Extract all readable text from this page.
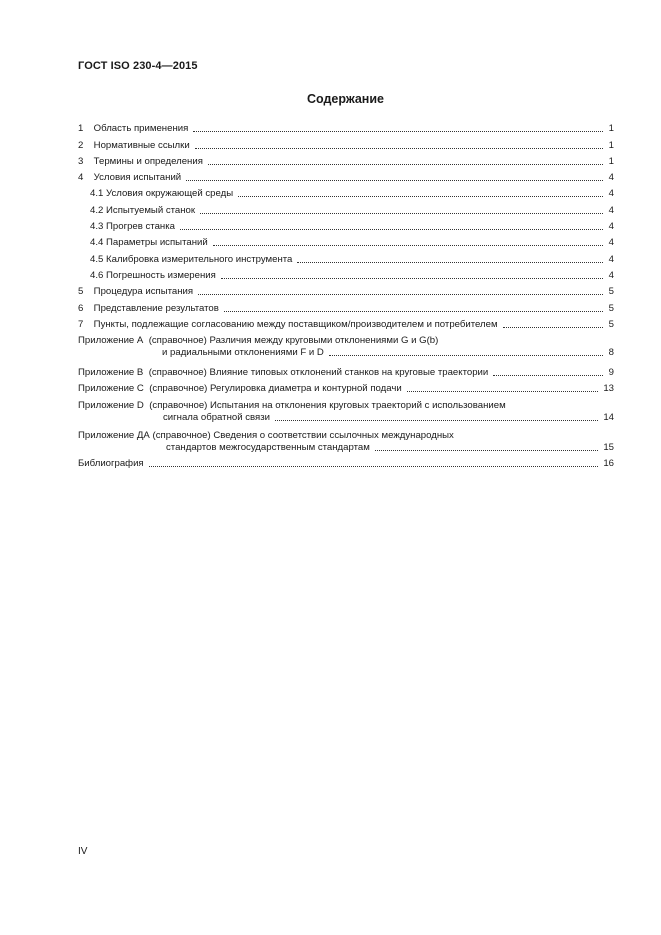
ГОСТ ISO 230-4—2015
Содержание
1 Область применения	1
2 Нормативные ссылки	1
3 Термины и определения	1
4 Условия испытаний	4
4.1 Условия окружающей среды	4
4.2 Испытуемый станок	4
4.3 Прогрев станка	4
4.4 Параметры испытаний	4
4.5 Калибровка измерительного инструмента	4
4.6 Погрешность измерения	4
5 Процедура испытания	5
6 Представление результатов	5
7 Пункты, подлежащие согласованию между поставщиком/производителем и потребителем	5
Приложение А (справочное) Различия между круговыми отклонениями G и G(b)
и радиальными отклонениями F и D	8
Приложение В (справочное) Влияние типовых отклонений станков на круговые траектории	9
Приложение С (справочное) Регулировка диаметра и контурной подачи	13
Приложение D (справочное) Испытания на отклонения круговых траекторий с использованием
сигнала обратной связи	14
Приложение ДА (справочное) Сведения о соответствии ссылочных международных
стандартов межгосударственным стандартам	15
Библиография	16
IV
